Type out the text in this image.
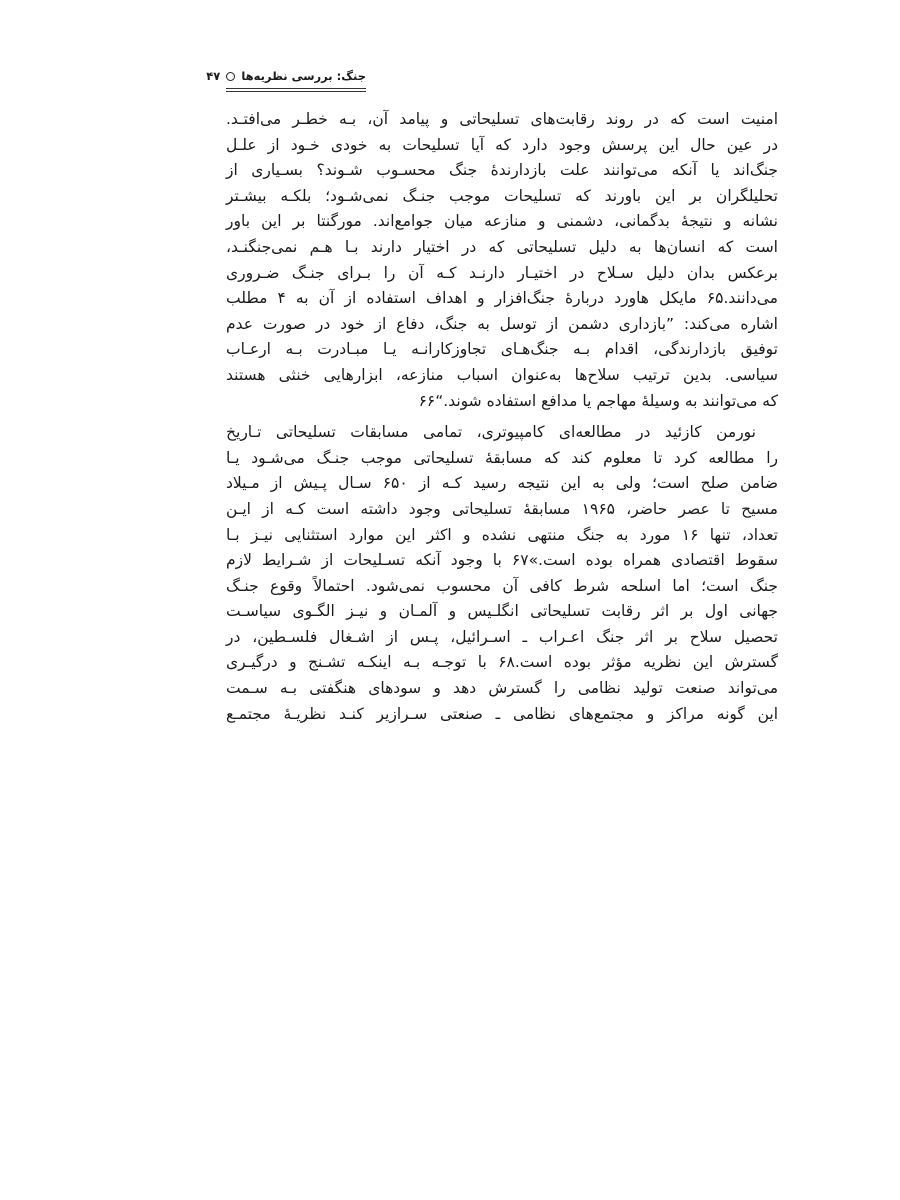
جنگ: بررسی نظریه‌ها۴۷

امنیت است که در روند رقابت‌های تسلیحاتی و پیامد آن، بـه خطـر می‌افتـد.

در عین حال این پرسش وجود دارد که آیا تسلیحات به خودی خـود از علـل

جنگ‌اند یا آنکه می‌توانند علت بازدارندۀ جنگ محسـوب شـوند؟ بسـیاری از

تحلیلگران بر این باورند که تسلیحات موجب جنـگ نمی‌شـود؛ بلکـه بیشـتر

نشانه و نتیجۀ بدگمانی، دشمنی و منازعه میان جوامع‌اند. مورگنتا بر این باور

است که انسان‌ها به دلیل تسلیحاتی که در اختیار دارند بـا هـم نمی‌جنگنـد،

برعکس بدان دلیل سـلاح در اختیـار دارنـد کـه آن را بـرای جنـگ ضـروری

می‌دانند.۶۵ مایکل هاورد دربارۀ جنگ‌افزار و اهداف استفاده از آن به ۴ مطلب

اشاره می‌کند: ”بازداری دشمن از توسل به جنگ، دفاع از خود در صورت عدم

توفیق بازدارندگی، اقدام بـه جنگ‌هـای تجاوزکارانـه یـا مبـادرت بـه ارعـاب

سیاسی. بدین ترتیب سلاح‌ها به‌عنوان اسباب منازعه، ابزارهایی خنثی هستند

که می‌توانند به وسیلۀ مهاجم یا مدافع استفاده شوند.“۶۶

نورمن کازئید در مطالعه‌ای کامپیوتری، تمامی مسابقات تسلیحاتی تـاریخ

را مطالعه کرد تا معلوم کند که مسابقۀ تسلیحاتی موجب جنـگ می‌شـود یـا

ضامن صلح است؛ ولی به این نتیجه رسید کـه از ۶۵۰ سـال پـیش از مـیلاد

مسیح تا عصر حاضر، ۱۹۶۵ مسابقۀ تسلیحاتی وجود داشته است کـه از ایـن

تعداد، تنها ۱۶ مورد به جنگ منتهی نشده و اکثر این موارد استثنایی نیـز بـا

سقوط اقتصادی همراه بوده است.»۶۷ با وجود آنکه تسـلیحات از شـرایط لازم

جنگ است؛ اما اسلحه شرط کافی آن محسوب نمی‌شود. احتمالاً وقوع جنـگ

جهانی اول بر اثر رقابت تسلیحاتی انگلـیس و آلمـان و نیـز الگـوی سیاسـت

تحصیل سلاح بر اثر جنگ اعـراب ـ اسـرائیل، پـس از اشـغال فلسـطین، در

گسترش این نظریه مؤثر بوده است.۶۸ با توجـه بـه اینکـه تشـنج و درگیـری

می‌تواند صنعت تولید نظامی را گسترش دهد و سودهای هنگفتی بـه سـمت

این گونه مراکز و مجتمع‌های نظامی ـ صنعتی سـرازیر کنـد نظریـۀ مجتمـع
